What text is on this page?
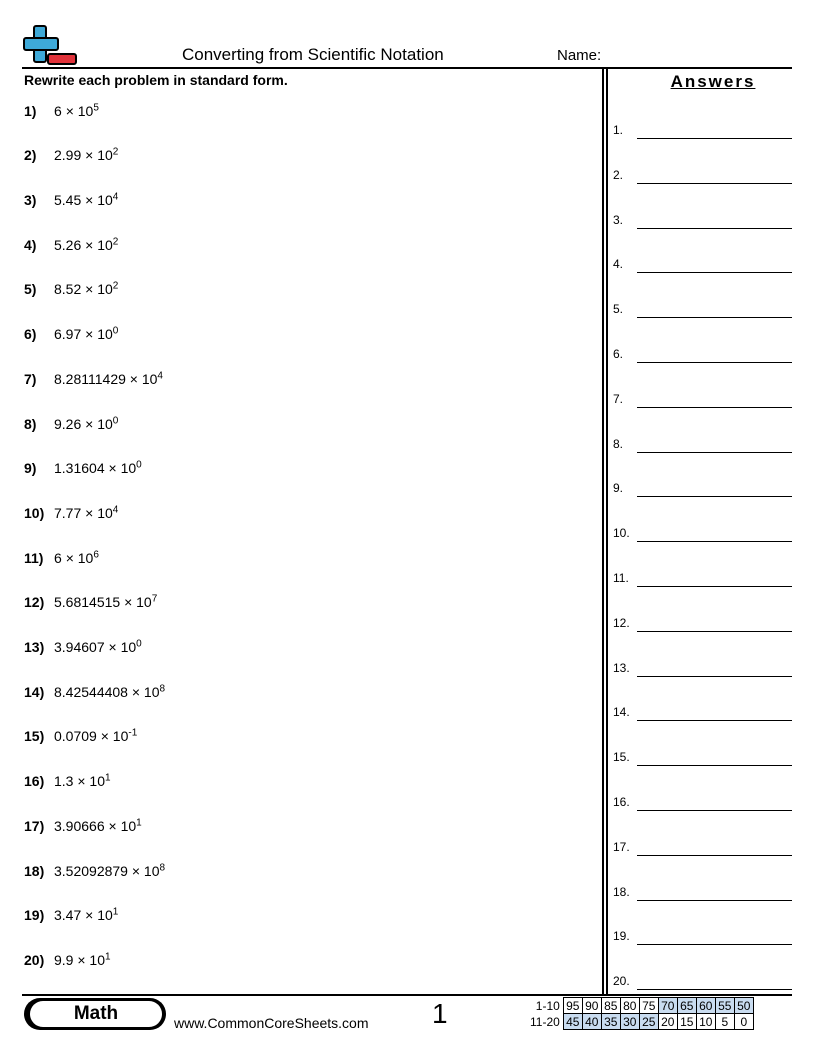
Converting from Scientific Notation	Name:
Rewrite each problem in standard form.	Answers
1) $6 \times 10^5$
2) $2.99 \times 10^2$
3) $5.45 \times 10^4$
4) $5.26 \times 10^2$
5) $8.52 \times 10^2$
6) $6.97 \times 10^0$
7) $8.28111429 \times 10^4$
8) $9.26 \times 10^0$
9) $1.31604 \times 10^0$
10) $7.77 \times 10^4$
11) $6 \times 10^6$
12) $5.6814515 \times 10^7$
13) $3.94607 \times 10^0$
14) $8.42544408 \times 10^8$
15) $0.0709 \times 10^{-1}$
16) $1.3 \times 10^1$
17) $3.90666 \times 10^1$
18) $3.52092879 \times 10^8$
19) $3.47 \times 10^1$
20) $9.9 \times 10^1$
1.
2.
3.
4.
5.
6.
7.
8.
9.
10.
11.
12.
13.
14.
15.
16.
17.
18.
19.
20.
Math	www.CommonCoreSheets.com 1	1-10	95	90	85	80	75	70	65	60	55	50
11-20	45	40	35	30	25	20	15	10	5	0
